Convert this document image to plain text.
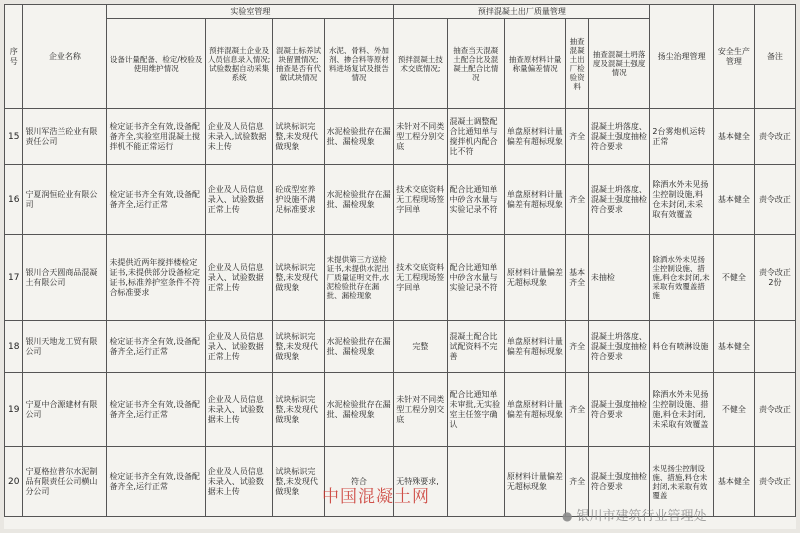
序号	企业名称	实验室管理				预拌混凝土出厂质量管理					扬尘治理管理	安全生产管理	备注
		设备计量配备、检定/校验及使用维护情况	预拌混凝土企业及人员信息录入情况;试验数据自动采集系统	混凝土标养试块留置情况;抽查是否有代做试块情况	水泥、骨料、外加剂、掺合料等原材料进场复试及报告情况	预拌混凝土技术交底情况;	抽查当天混凝土配合比及混凝土配合比情况	抽查原材料计量称量偏差情况	抽查混凝土出厂检验资料	抽查混凝土坍落度及混凝土强度情况			
15	银川军浩兰砼业有限责任公司	检定证书齐全有效,设备配备齐全,实验室用混凝土搅拌机不能正常运行	企业及人员信息未录入,试验数据未上传	试块标识完整,未发现代做现象	水泥检验批存在漏批、漏检现象	未针对不同类型工程分别交底	混凝土调整配合比通知单与搅拌机内配合比不符	单盘原材料计量偏差有超标现象	齐全	混凝土坍落度、混凝土强度抽检符合要求	2台雾炮机运转正常	基本健全	责令改正
16	宁夏润恒砼业有限公司	检定证书齐全有效,设备配备齐全,运行正常	企业及人员信息录入、试验数据正常上传	砼成型室养护设施不满足标准要求	水泥检验批存在漏批、漏检现象	技术交底资料无工程现场签字回单	配合比通知单中砂含水量与实验记录不符	单盘原材料计量偏差有超标现象	齐全	混凝土坍落度、混凝土强度抽检符合要求	除洒水外未见扬尘控制设施,料仓未封闭,未采取有效覆盖	基本健全	责令改正
17	银川合天圆商品混凝土有限公司	未提供近两年搅拌楼检定证书,未提供部分设备检定证书,标准养护室条件不符合标准要求	企业及人员信息录入、试验数据正常上传	试块标识完整,未发现代做现象	未提供第三方送检证书,未提供水泥出厂质量证明文件,水泥检验批存在漏批、漏检现象	技术交底资料无工程现场签字回单	配合比通知单中砂含水量与实验记录不符	原材料计量偏差无超标现象	基本齐全	未抽检	除洒水外未见扬尘控制设施、措施,料仓未封闭,未采取有效覆盖措施	不健全	责令改正2份
18	银川天地龙工贸有限公司	检定证书齐全有效,设备配备齐全,运行正常	企业及人员信息录入、试验数据正常上传	试块标识完整,未发现代做现象	水泥检验批存在漏批、漏检现象	完整	混凝土配合比试配资料不完善	单盘原材料计量偏差有超标现象	齐全	混凝土坍落度、混凝土强度抽检符合要求	料仓有喷淋设施	基本健全	
19	宁夏中合源建材有限公司	检定证书齐全有效,设备配备齐全,运行正常	企业及人员信息未录入、试验数据未上传	试块标识完整,未发现代做现象	水泥检验批存在漏批、漏检现象	未针对不同类型工程分别交底	配合比通知单未审批,无实验室主任签字确认	单盘原材料计量偏差有超标现象	齐全	混凝土强度抽检符合要求	除洒水外未见扬尘控制设施、措施,料仓未封闭,未采取有效覆盖	不健全	责令改正
20	宁夏格拉普尔水泥制品有限责任公司横山分公司	检定证书齐全有效,设备配备齐全,运行正常	企业及人员信息未录入、试验数据未上传	试块标识完整,未发现代做现象	符合	无特殊要求,		原材料计量偏差无超标现象	齐全	混凝土强度抽检符合要求	未见扬尘控制设施、措施,料仓未封闭,未采取有效覆盖	基本健全	责令改正
中国混凝土网
● 银川市建筑行业管理处
